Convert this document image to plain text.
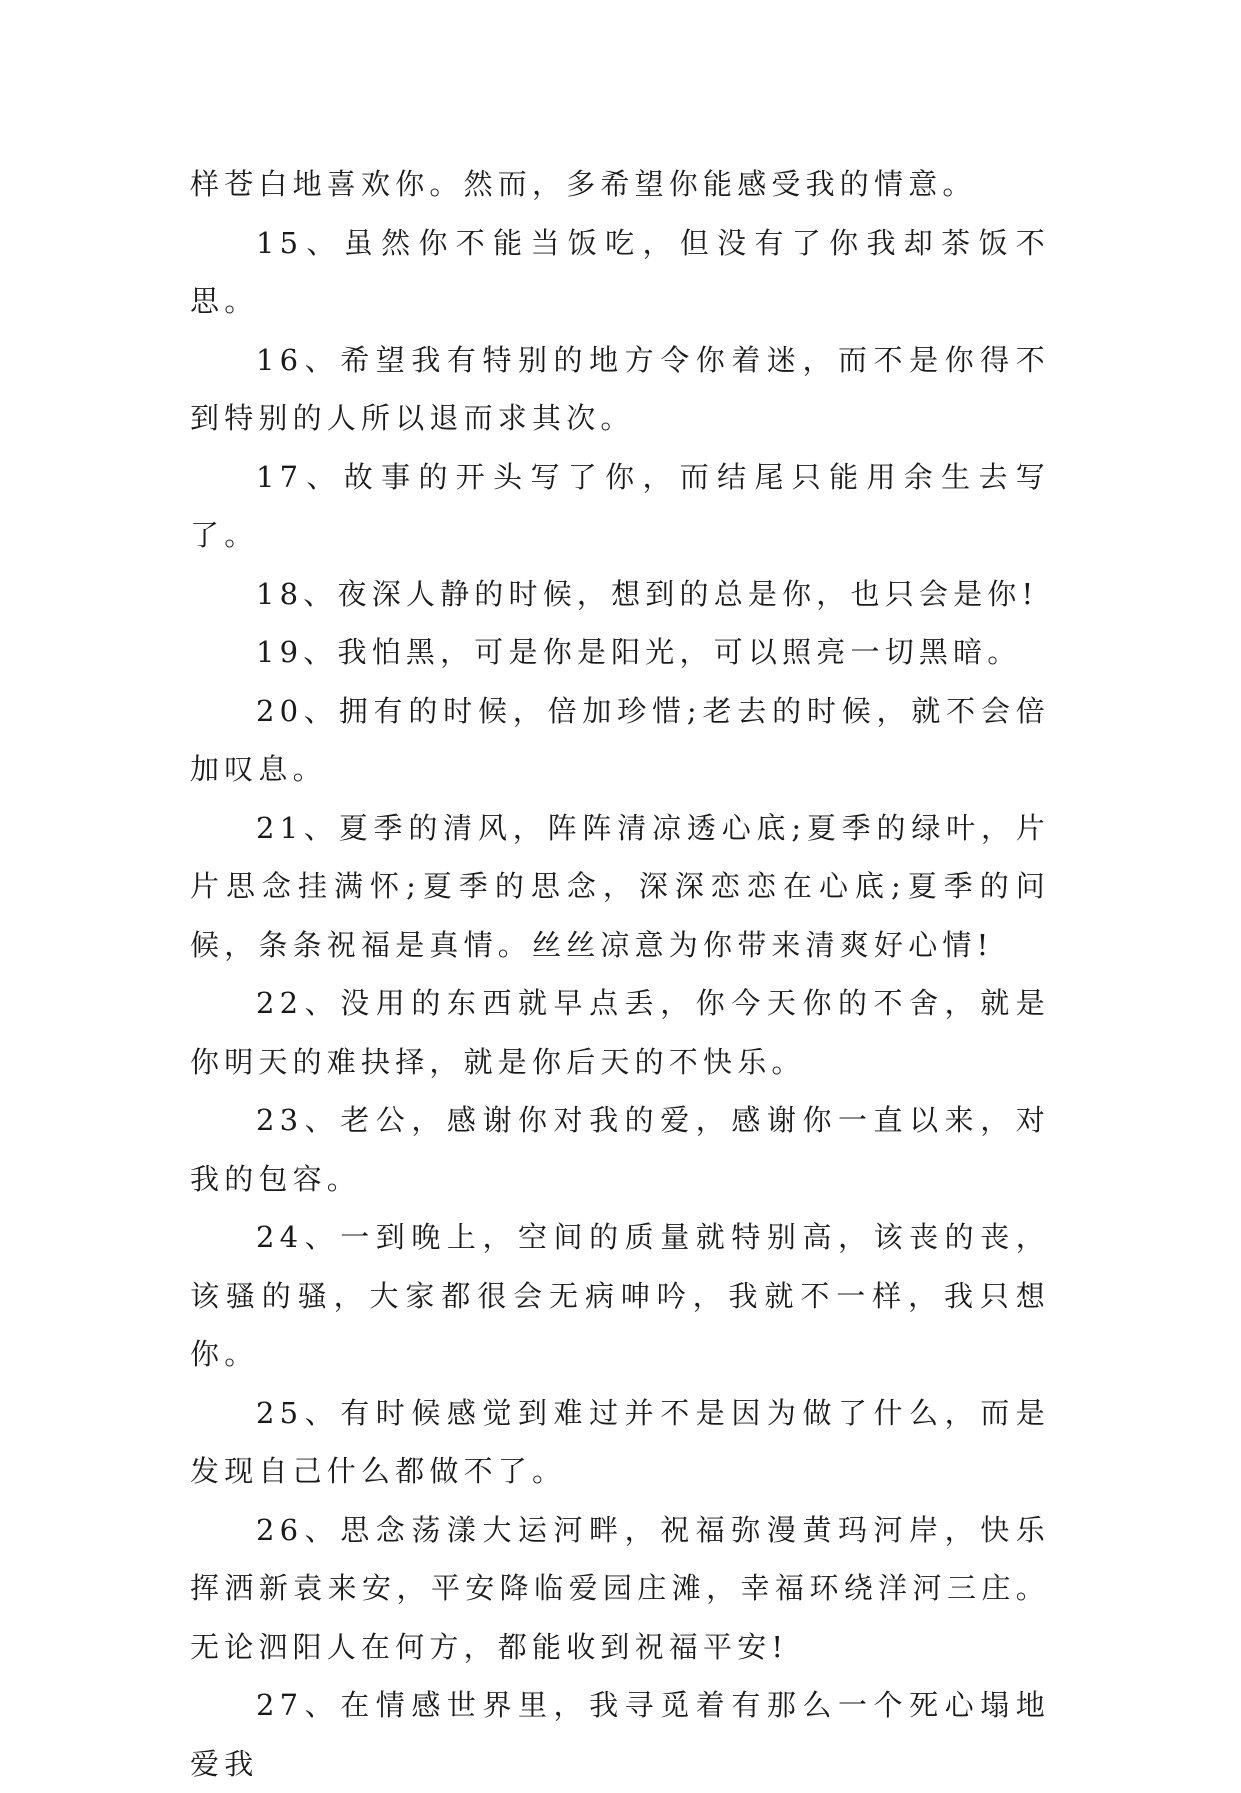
样苍白地喜欢你。然而，多希望你能感受我的情意。

15、虽然你不能当饭吃，但没有了你我却茶饭不思。

16、希望我有特别的地方令你着迷，而不是你得不到特别的人所以退而求其次。

17、故事的开头写了你，而结尾只能用余生去写了。

18、夜深人静的时候，想到的总是你，也只会是你!

19、我怕黑，可是你是阳光，可以照亮一切黑暗。

20、拥有的时候，倍加珍惜;老去的时候，就不会倍加叹息。

21、夏季的清风，阵阵清凉透心底;夏季的绿叶，片片思念挂满怀;夏季的思念，深深恋恋在心底;夏季的问候，条条祝福是真情。丝丝凉意为你带来清爽好心情!

22、没用的东西就早点丢，你今天你的不舍，就是你明天的难抉择，就是你后天的不快乐。

23、老公，感谢你对我的爱，感谢你一直以来，对我的包容。

24、一到晚上，空间的质量就特别高，该丧的丧，该骚的骚，大家都很会无病呻吟，我就不一样，我只想你。

25、有时候感觉到难过并不是因为做了什么，而是发现自己什么都做不了。

26、思念荡漾大运河畔，祝福弥漫黄玛河岸，快乐挥洒新袁来安，平安降临爱园庄滩，幸福环绕洋河三庄。无论泗阳人在何方，都能收到祝福平安!

27、在情感世界里，我寻觅着有那么一个死心塌地爱我
